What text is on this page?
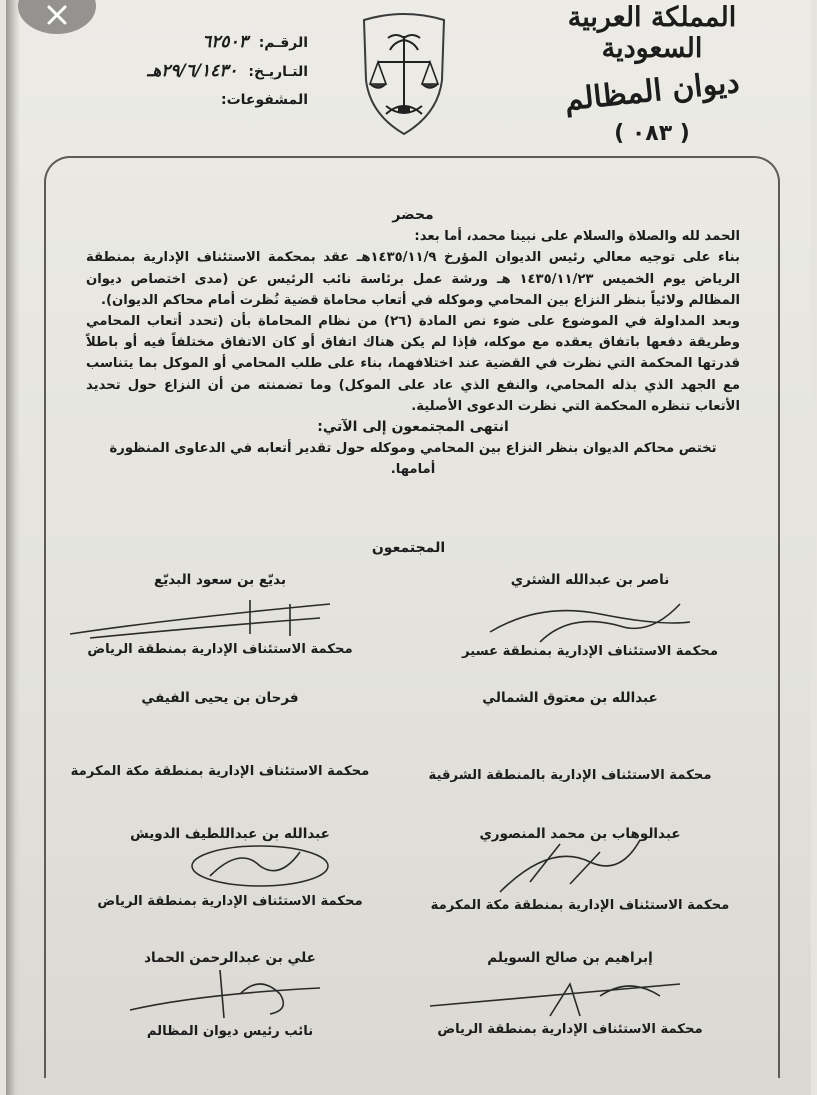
المملكة العربية السعودية
ديوان المظالم
( ٠٨٣ )
الرقـم: ٦٢٥٠٣
التـاريـخ: ٢٩/٦/١٤٣٠هـ
المشفوعات:

محضر

الحمد لله والصلاة والسلام على نبينا محمد، أما بعد:

بناء على توجيه معالي رئيس الديوان المؤرخ ١٤٣٥/١١/٩هـ عقد بمحكمة الاستئناف الإدارية بمنطقة الرياض يوم الخميس ١٤٣٥/١١/٢٣ هـ ورشة عمل برئاسة نائب الرئيس عن (مدى اختصاص ديوان المظالم ولائياً بنظر النزاع بين المحامي وموكله في أتعاب محاماة قضية نُظرت أمام محاكم الديوان).

وبعد المداولة في الموضوع على ضوء نص المادة (٢٦) من نظام المحاماة بأن (تحدد أتعاب المحامي وطريقة دفعها باتفاق يعقده مع موكله، فإذا لم يكن هناك اتفاق أو كان الاتفاق مختلفاً فيه أو باطلاً قدرتها المحكمة التي نظرت في القضية عند اختلافهما، بناء على طلب المحامي أو الموكل بما يتناسب مع الجهد الذي بذله المحامي، والنفع الذي عاد على الموكل) وما تضمنته من أن النزاع حول تحديد الأتعاب تنظره المحكمة التي نظرت الدعوى الأصلية.

انتهى المجتمعون إلى الآتي:

تختص محاكم الديوان بنظر النزاع بين المحامي وموكله حول تقدير أتعابه في الدعاوى المنظورة أمامها.

المجتمعون
ناصر بن عبدالله الشثري
محكمة الاستئناف الإدارية بمنطقة عسير
بديّع بن سعود البديّع
محكمة الاستئناف الإدارية بمنطقة الرياض
عبدالله بن معتوق الشمالي
فرحان بن يحيى الفيفي
محكمة الاستئناف الإدارية بمنطقة مكة المكرمة	محكمة الاستئناف الإدارية بالمنطقة الشرقية
عبدالوهاب بن محمد المنصوري
محكمة الاستئناف الإدارية بمنطقة مكة المكرمة
عبدالله بن عبداللطيف الدويش
محكمة الاستئناف الإدارية بمنطقة الرياض
إبراهيم بن صالح السويلم
محكمة الاستئناف الإدارية بمنطقة الرياض
علي بن عبدالرحمن الحماد
نائب رئيس ديوان المظالم
